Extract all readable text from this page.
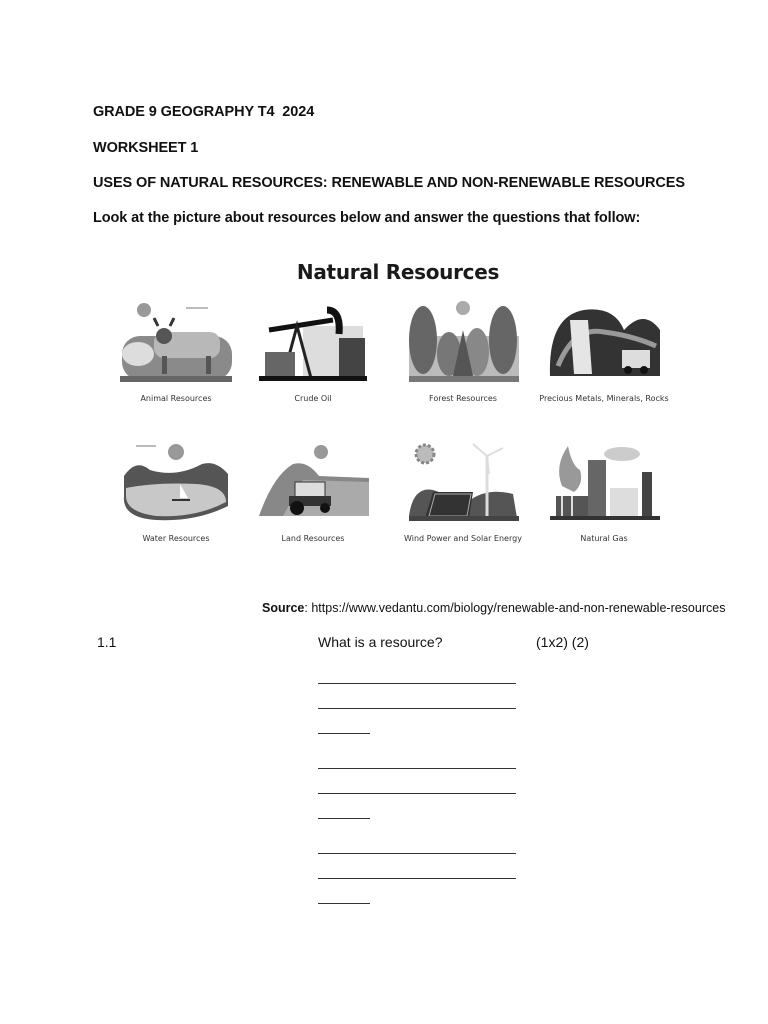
GRADE 9 GEOGRAPHY T4  2024
WORKSHEET 1
USES OF NATURAL RESOURCES: RENEWABLE AND NON-RENEWABLE RESOURCES
Look at the picture about resources below and answer the questions that follow:
Natural Resources
Animal Resources	Crude Oil	Forest Resources	Precious Metals, Minerals, Rocks
Water Resources	Land Resources	Wind Power and Solar Energy	Natural Gas
Source: https://www.vedantu.com/biology/renewable-and-non-renewable-resources
1.1	What is a resource?	(1x2) (2)
